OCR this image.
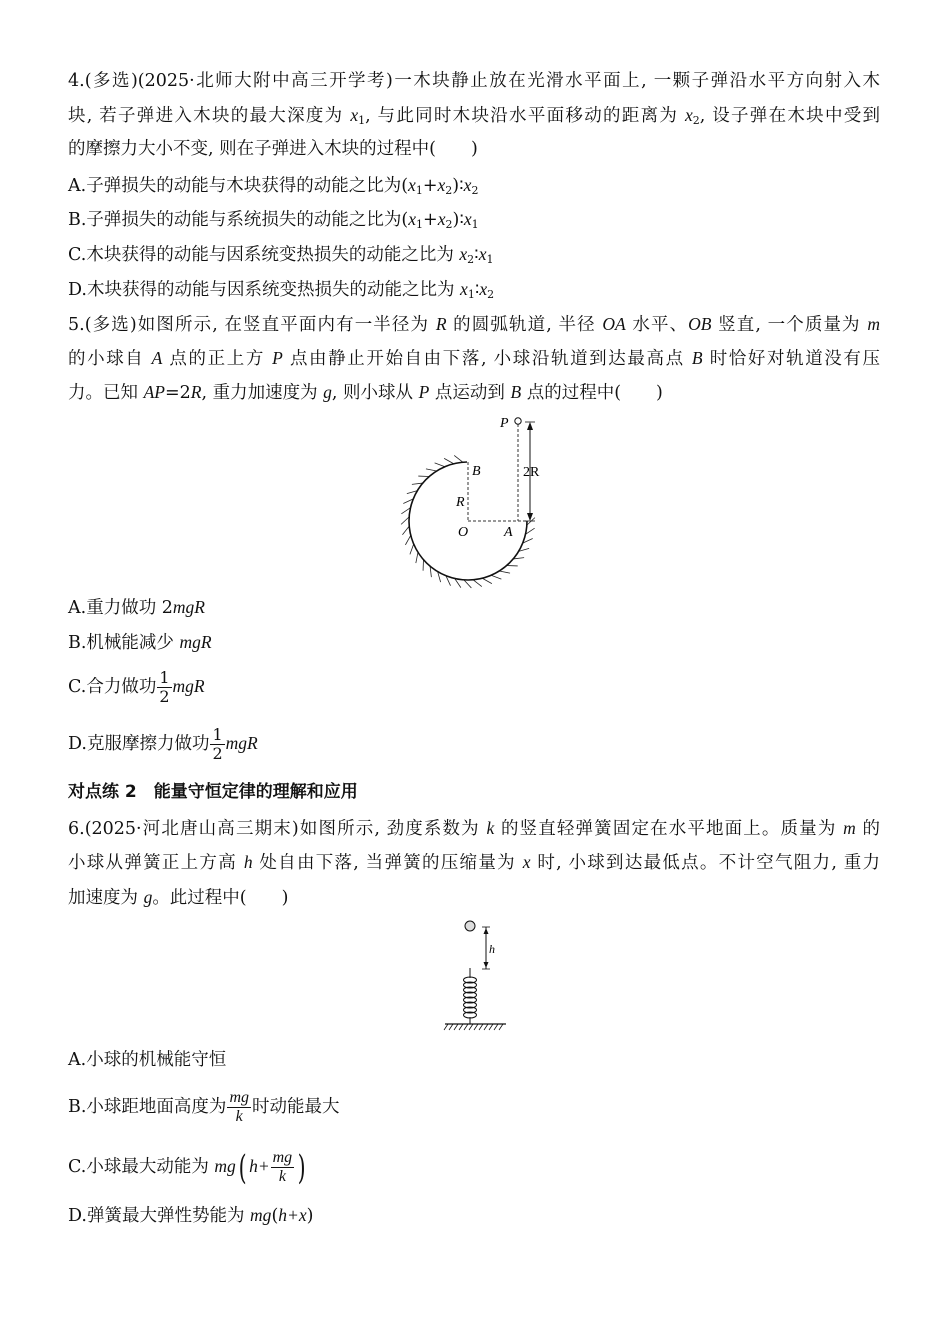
4.(多选)(2025·北师大附中高三开学考)一木块静止放在光滑水平面上, 一颗子弹沿水平方向射入木
块, 若子弹进入木块的最大深度为 $x_1$, 与此同时木块沿水平面移动的距离为 $x_2$, 设子弹在木块中受到
的摩擦力大小不变, 则在子弹进入木块的过程中(　　)
A.子弹损失的动能与木块获得的动能之比为$(x_1+x_2)∶x_2$
B.子弹损失的动能与系统损失的动能之比为$(x_1+x_2)∶x_1$
C.木块获得的动能与因系统变热损失的动能之比为 $x_2∶x_1$
D.木块获得的动能与因系统变热损失的动能之比为 $x_1∶x_2$
5.(多选)如图所示, 在竖直平面内有一半径为 R 的圆弧轨道, 半径 OA 水平、OB 竖直, 一个质量为 m
的小球自 A 点的正上方 P 点由静止开始自由下落, 小球沿轨道到达最高点 B 时恰好对轨道没有压
力。已知 AP=2R, 重力加速度为 g, 则小球从 P 点运动到 B 点的过程中(　　)
P
B
R
2R
O	A
A.重力做功 2mgR
B.机械能减少 mgR
C.合力做功 $\frac{1}{2}$ mgR
D.克服摩擦力做功 $\frac{1}{2}$ mgR
对点练 2　能量守恒定律的理解和应用
6.(2025·河北唐山高三期末)如图所示, 劲度系数为 k 的竖直轻弹簧固定在水平地面上。质量为 m 的
小球从弹簧正上方高 h 处自由下落, 当弹簧的压缩量为 x 时, 小球到达最低点。不计空气阻力, 重力
加速度为 g。此过程中(　　)
h
A.小球的机械能守恒
B.小球距地面高度为 $\frac{mg}{k}$ 时动能最大
C.小球最大动能为 mg( $h+ \frac{mg}{k}$ )
D.弹簧最大弹性势能为 mg(h+x)
